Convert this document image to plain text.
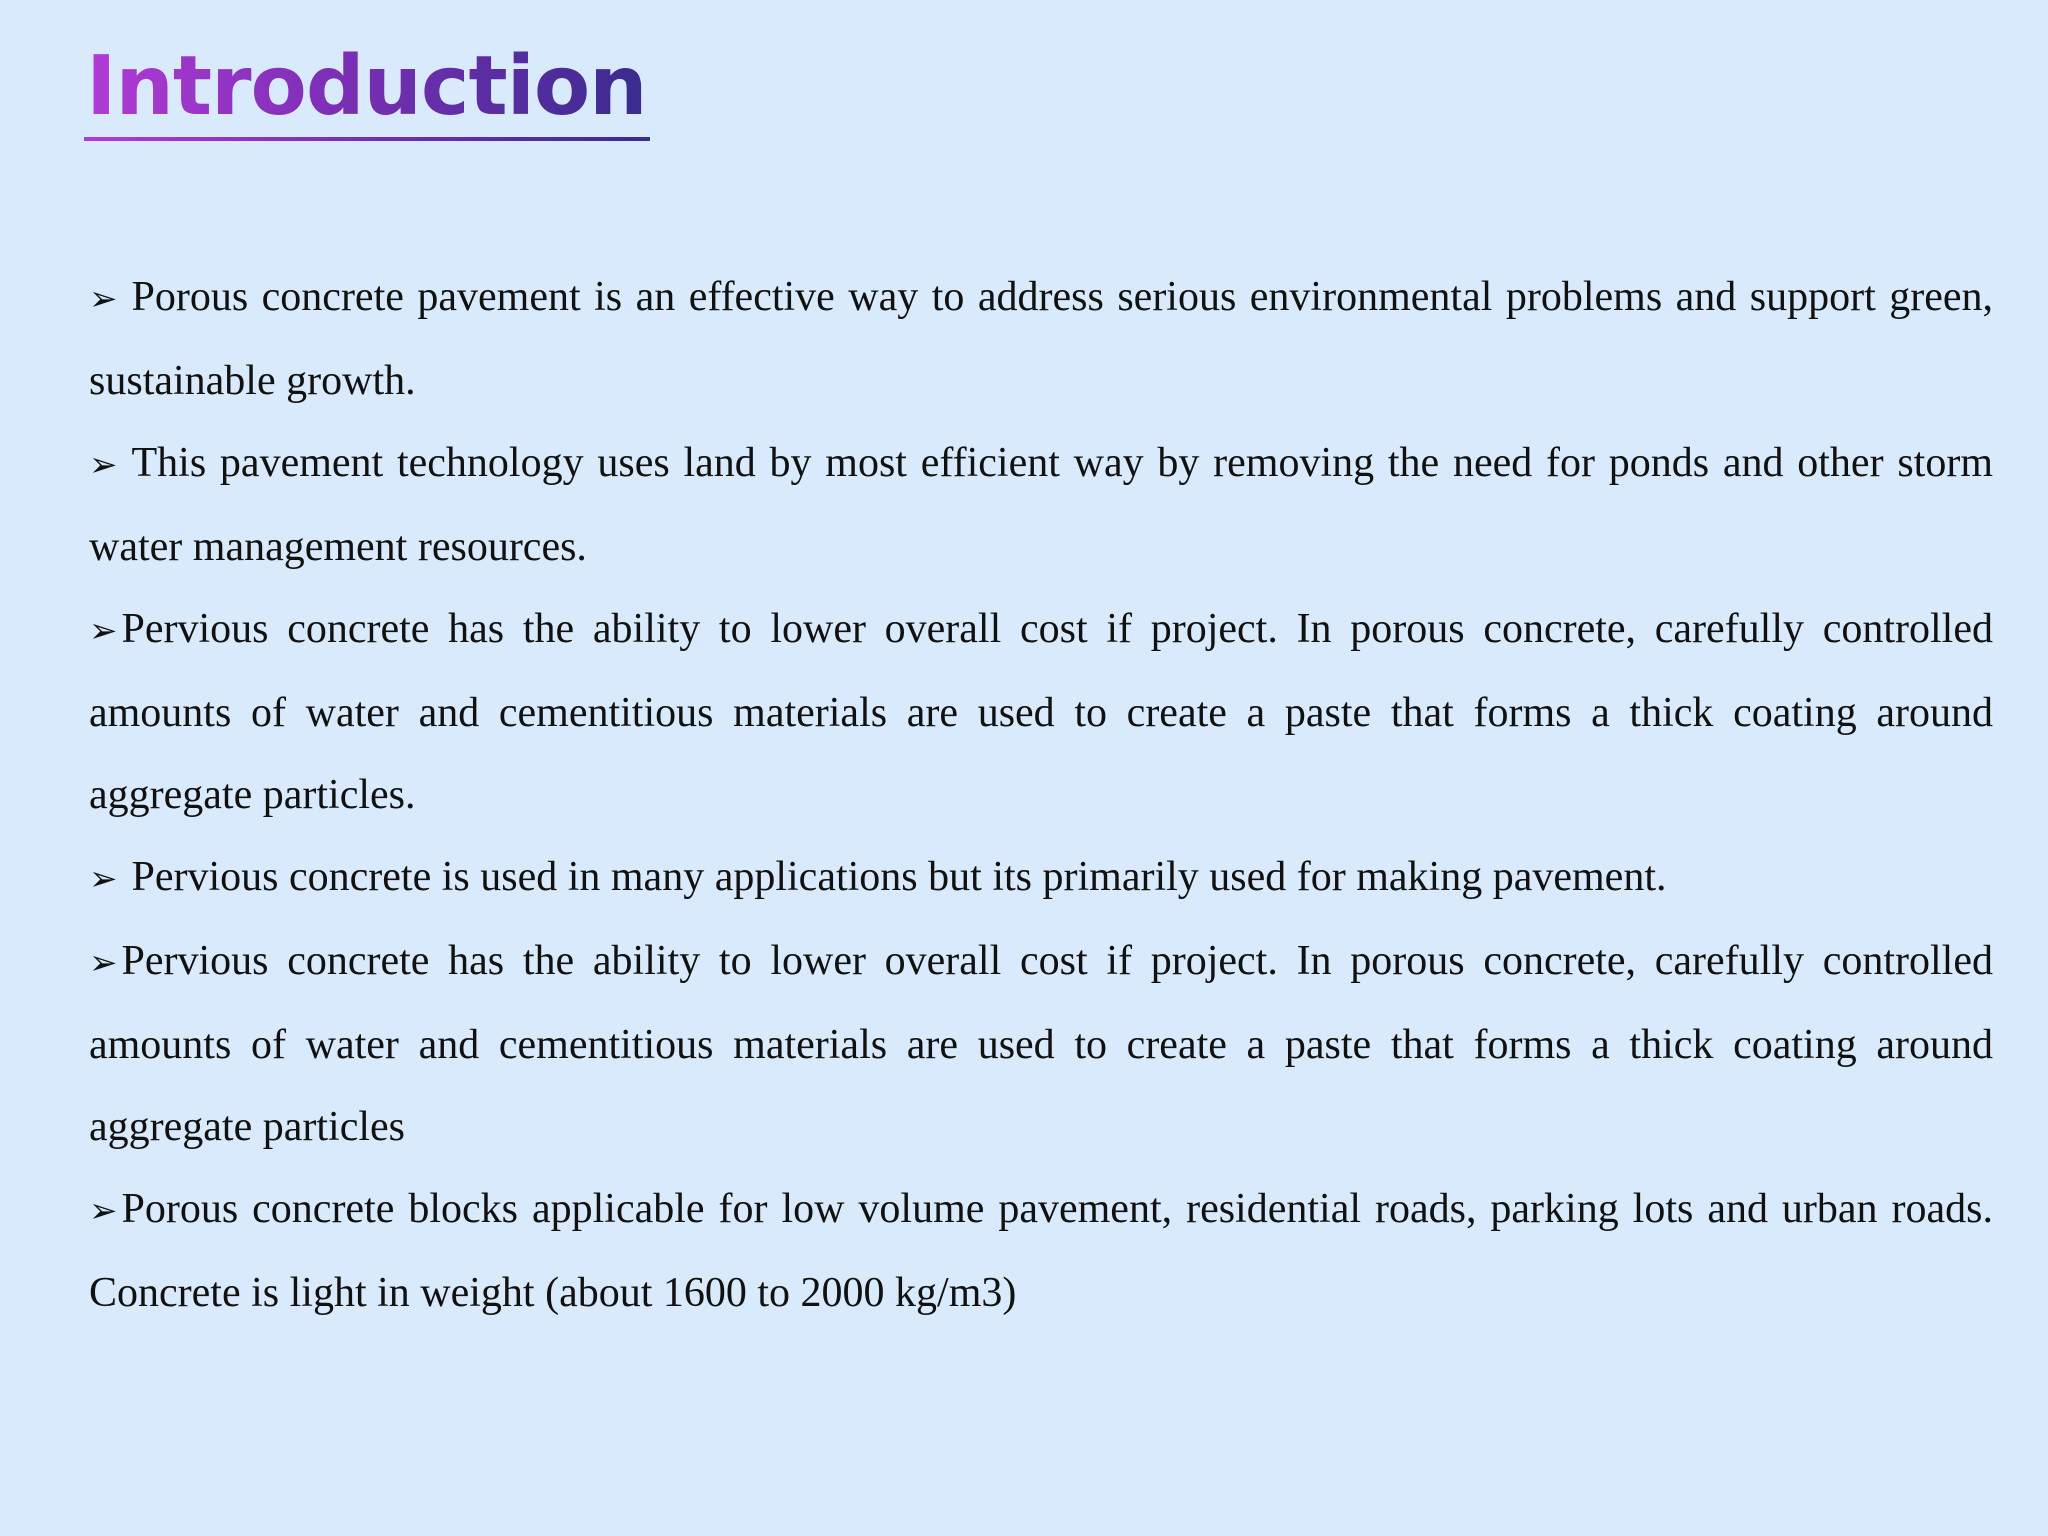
Introduction
➢ Porous concrete pavement is an effective way to address serious environmental problems and support green, sustainable growth.
➢ This pavement technology uses land by most efficient way by removing the need for ponds and other storm water management resources.
➢Pervious concrete has the ability to lower overall cost if project. In porous concrete, carefully controlled amounts of water and cementitious materials are used to create a paste that forms a thick coating around aggregate particles.
➢ Pervious concrete is used in many applications but its primarily used for making pavement.
➢Pervious concrete has the ability to lower overall cost if project. In porous concrete, carefully controlled amounts of water and cementitious materials are used to create a paste that forms a thick coating around aggregate particles
➢Porous concrete blocks applicable for low volume pavement, residential roads, parking lots and urban roads. Concrete is light in weight (about 1600 to 2000 kg/m3)
